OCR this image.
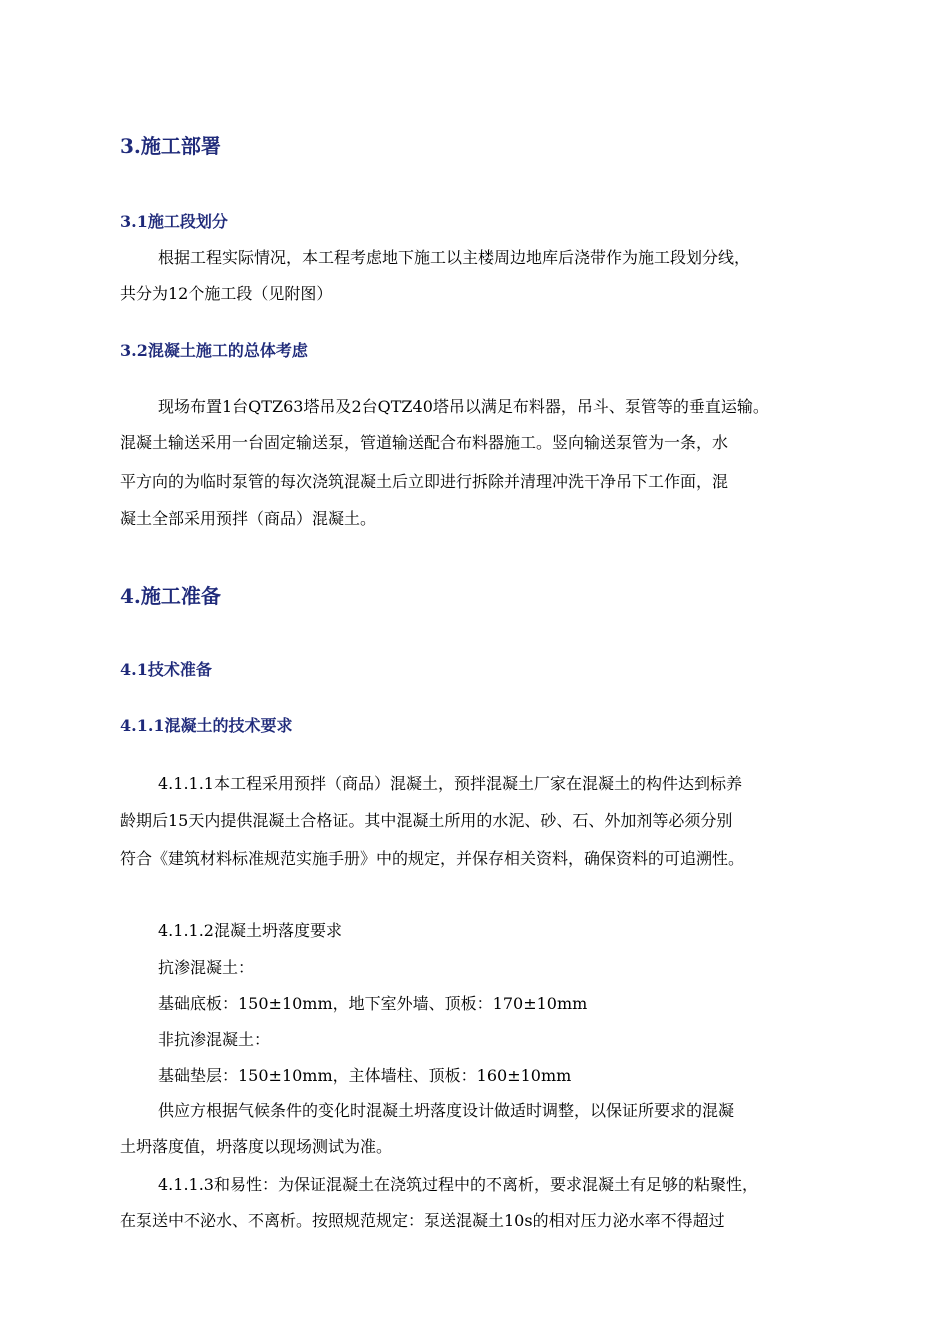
3.施工部署
3.1施工段划分
根据工程实际情况，本工程考虑地下施工以主楼周边地库后浇带作为施工段划分线，
共分为12个施工段（见附图）
3.2混凝土施工的总体考虑
现场布置1台QTZ63塔吊及2台QTZ40塔吊以满足布料器，吊斗、泵管等的垂直运输。
混凝土输送采用一台固定输送泵，管道输送配合布料器施工。竖向输送泵管为一条，水
平方向的为临时泵管的每次浇筑混凝土后立即进行拆除并清理冲洗干净吊下工作面，混
凝土全部采用预拌（商品）混凝土。
4.施工准备
4.1技术准备
4.1.1混凝土的技术要求
4.1.1.1本工程采用预拌（商品）混凝土，预拌混凝土厂家在混凝土的构件达到标养
龄期后15天内提供混凝土合格证。其中混凝土所用的水泥、砂、石、外加剂等必须分别
符合《建筑材料标准规范实施手册》中的规定，并保存相关资料，确保资料的可追溯性。
4.1.1.2混凝土坍落度要求
抗渗混凝土：
基础底板：150±10mm，地下室外墙、顶板：170±10mm
非抗渗混凝土：
基础垫层：150±10mm，主体墙柱、顶板：160±10mm
供应方根据气候条件的变化时混凝土坍落度设计做适时调整，以保证所要求的混凝
土坍落度值，坍落度以现场测试为准。
4.1.1.3和易性：为保证混凝土在浇筑过程中的不离析，要求混凝土有足够的粘聚性，
在泵送中不泌水、不离析。按照规范规定：泵送混凝土10s的相对压力泌水率不得超过
